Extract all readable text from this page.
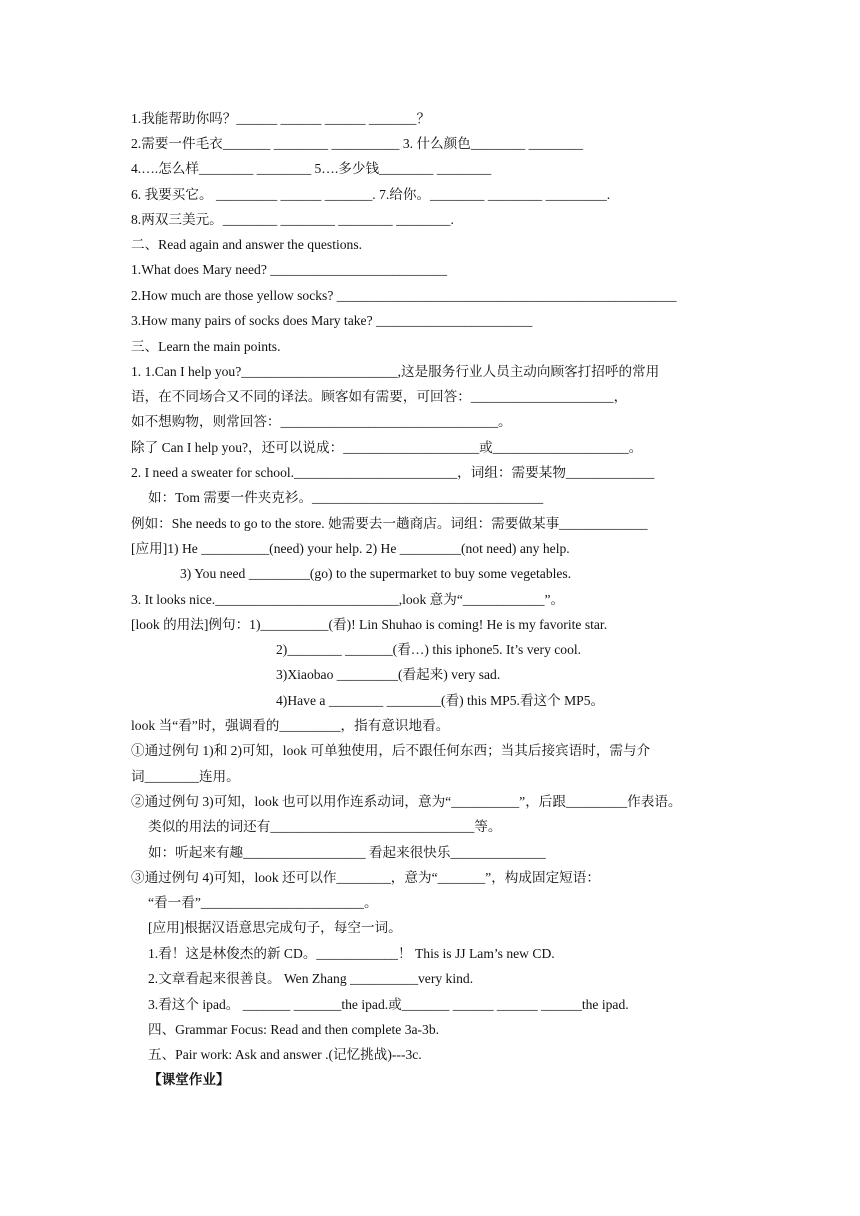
1.我能帮助你吗？______ ______ ______ _______？
2.需要一件毛衣_______ ________ __________ 3. 什么颜色________ ________
4.….怎么样________ ________ 5….多少钱________ ________
6. 我要买它。 _________ ______ _______. 7.给你。________ ________ _________.
8.两双三美元。________ ________ ________ ________.
二、Read again and answer the questions.
1.What does Mary need? __________________________
2.How much are those yellow socks? __________________________________________________
3.How many pairs of socks does Mary take? _______________________
三、Learn the main points.
1. 1.Can I help you?_______________________,这是服务行业人员主动向顾客打招呼的常用
语，在不同场合又不同的译法。顾客如有需要，可回答：_____________________，
如不想购物，则常回答：________________________________。
除了 Can I help you?，还可以说成：____________________或____________________。
2. I need a sweater for school.________________________，词组：需要某物_____________
如：Tom 需要一件夹克衫。__________________________________
例如：She needs to go to the store. 她需要去一趟商店。词组：需要做某事_____________
[应用]1) He __________(need) your help. 2) He _________(not need) any help.
3) You need _________(go) to the supermarket to buy some vegetables.
3. It looks nice.___________________________,look 意为“____________”。
[look 的用法]例句：1)__________(看)! Lin Shuhao is coming! He is my favorite star.
2)________ _______(看…) this iphone5. It’s very cool.
3)Xiaobao _________(看起来) very sad.
4)Have a ________ ________(看) this MP5.看这个 MP5。
look 当“看”时，强调看的_________，指有意识地看。
①通过例句 1)和 2)可知，look 可单独使用，后不跟任何东西；当其后接宾语时，需与介
词________连用。
②通过例句 3)可知，look 也可以用作连系动词，意为“__________”，后跟_________作表语。
类似的用法的词还有______________________________等。
如：听起来有趣__________________ 看起来很快乐______________
③通过例句 4)可知，look 还可以作________，意为“_______”，构成固定短语：
“看一看”________________________。
[应用]根据汉语意思完成句子，每空一词。
1.看！这是林俊杰的新 CD。____________！ This is JJ Lam’s new CD.
2.文章看起来很善良。 Wen Zhang __________very kind.
3.看这个 ipad。 _______ _______the ipad.或_______ ______ ______ ______the ipad.
四、Grammar Focus: Read and then complete 3a-3b.
五、Pair work: Ask and answer .(记忆挑战)---3c.
【课堂作业】
